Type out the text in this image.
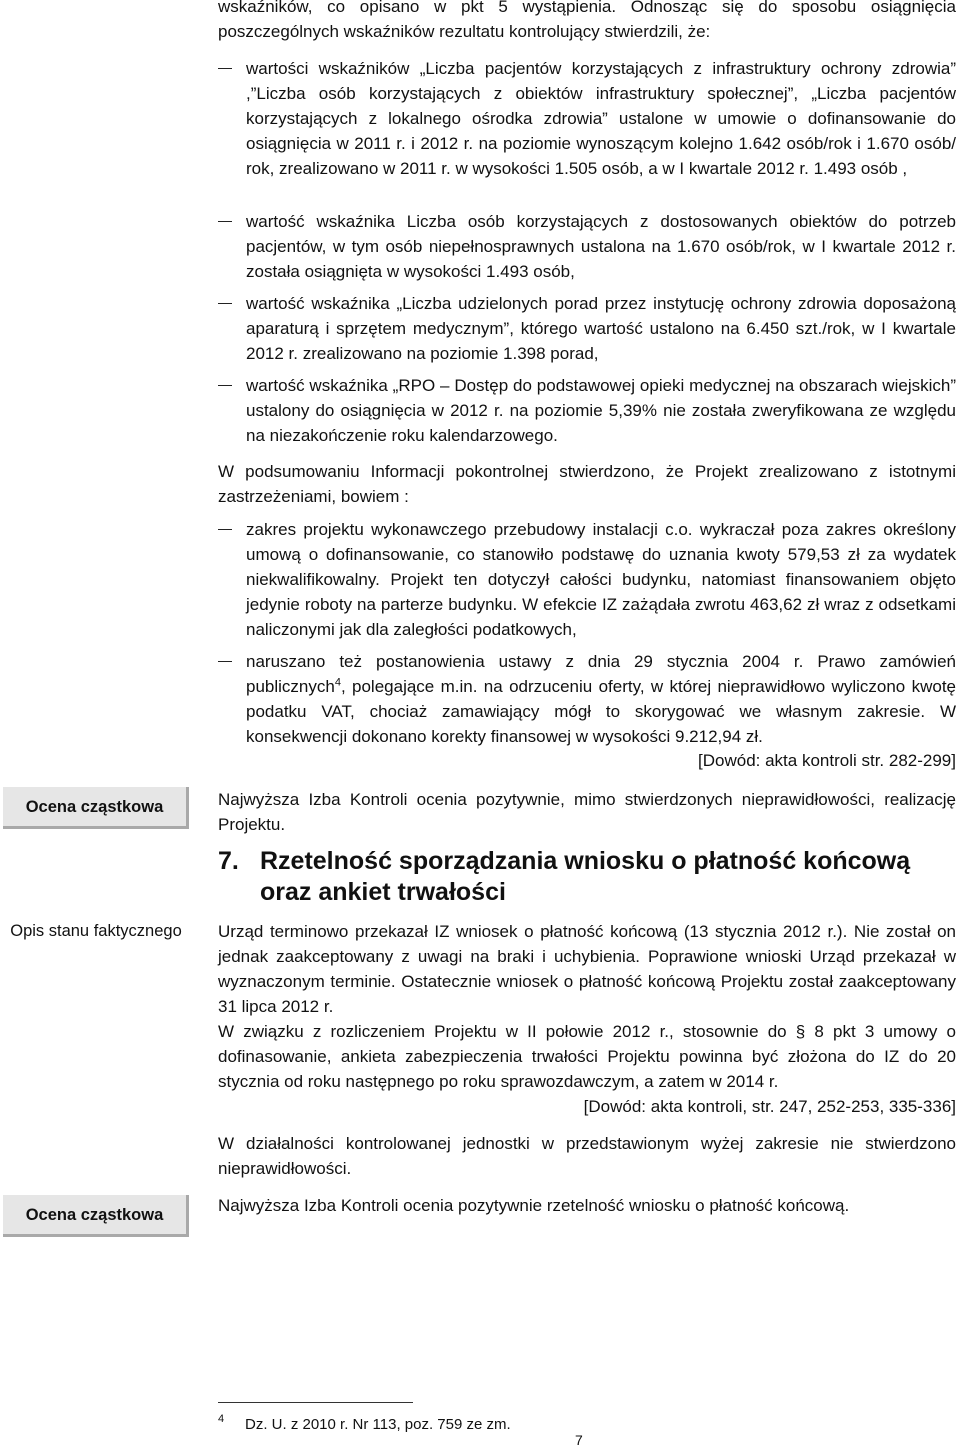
wskaźników, co opisano w pkt 5 wystąpienia. Odnosząc się do sposobu osiągnięcia poszczególnych wskaźników rezultatu kontrolujący stwierdzili, że:

wartości wskaźników „Liczba pacjentów korzystających z infrastruktury ochrony zdrowia” ,”Liczba osób korzystających z obiektów infrastruktury społecznej”, „Liczba pacjentów korzystających z lokalnego ośrodka zdrowia” ustalone w umowie o dofinansowanie do osiągnięcia w 2011 r. i 2012 r. na poziomie wynoszącym kolejno 1.642 osób/rok i 1.670 osób/ rok, zrealizowano w 2011 r. w wysokości 1.505 osób, a w I kwartale 2012 r. 1.493 osób ,

wartość wskaźnika Liczba osób korzystających z dostosowanych obiektów do potrzeb pacjentów, w tym osób niepełnosprawnych ustalona na 1.670 osób/rok, w I kwartale 2012 r. została osiągnięta w wysokości 1.493 osób,

wartość wskaźnika „Liczba udzielonych porad przez instytucję ochrony zdrowia doposażoną aparaturą i sprzętem medycznym”, którego wartość ustalono na 6.450 szt./rok, w I kwartale 2012 r. zrealizowano na poziomie 1.398 porad,

wartość wskaźnika „RPO – Dostęp do podstawowej opieki medycznej na obszarach wiejskich” ustalony do osiągnięcia w 2012 r. na poziomie 5,39% nie została zweryfikowana ze względu na niezakończenie roku kalendarzowego.

W podsumowaniu Informacji pokontrolnej stwierdzono, że Projekt zrealizowano z istotnymi zastrzeżeniami, bowiem :

zakres projektu wykonawczego przebudowy instalacji c.o. wykraczał poza zakres określony umową o dofinansowanie, co stanowiło podstawę do uznania kwoty 579,53 zł za wydatek niekwalifikowalny. Projekt ten dotyczył całości budynku, natomiast finansowaniem objęto jedynie roboty na parterze budynku. W efekcie IZ zażądała zwrotu 463,62 zł wraz z odsetkami naliczonymi jak dla zaległości podatkowych,

naruszano też postanowienia ustawy z dnia 29 stycznia 2004 r. Prawo zamówień publicznych$^4$, polegające m.in. na odrzuceniu oferty, w której nieprawidłowo wyliczono kwotę podatku VAT, chociaż zamawiający mógł to skorygować we własnym zakresie. W konsekwencji dokonano korekty finansowej w wysokości 9.212,94 zł.

[Dowód: akta kontroli str. 282-299]
Ocena cząstkowa	Najwyższa Izba Kontroli ocenia pozytywnie, mimo stwierdzonych nieprawidłowości, realizację Projektu.

7. Rzetelność sporządzania wniosku o płatność końcową oraz ankiet trwałości
Opis stanu faktycznego	Urząd terminowo przekazał IZ wniosek o płatność końcową (13 stycznia 2012 r.). Nie został on jednak zaakceptowany z uwagi na braki i uchybienia. Poprawione wnioski Urząd przekazał w wyznaczonym terminie. Ostatecznie wniosek o płatność końcową Projektu został zaakceptowany 31 lipca 2012 r.

W związku z rozliczeniem Projektu w II połowie 2012 r., stosownie do § 8 pkt 3 umowy o dofinasowanie, ankieta zabezpieczenia trwałości Projektu powinna być złożona do IZ do 20 stycznia od roku następnego po roku sprawozdawczym, a zatem w 2014 r.

[Dowód: akta kontroli, str. 247, 252-253, 335-336]

W działalności kontrolowanej jednostki w przedstawionym wyżej zakresie nie stwierdzono nieprawidłowości.

Ocena cząstkowa	Najwyższa Izba Kontroli ocenia pozytywnie rzetelność wniosku o płatność końcową.

4 Dz. U. z 2010 r. Nr 113, poz. 759 ze zm.
7
